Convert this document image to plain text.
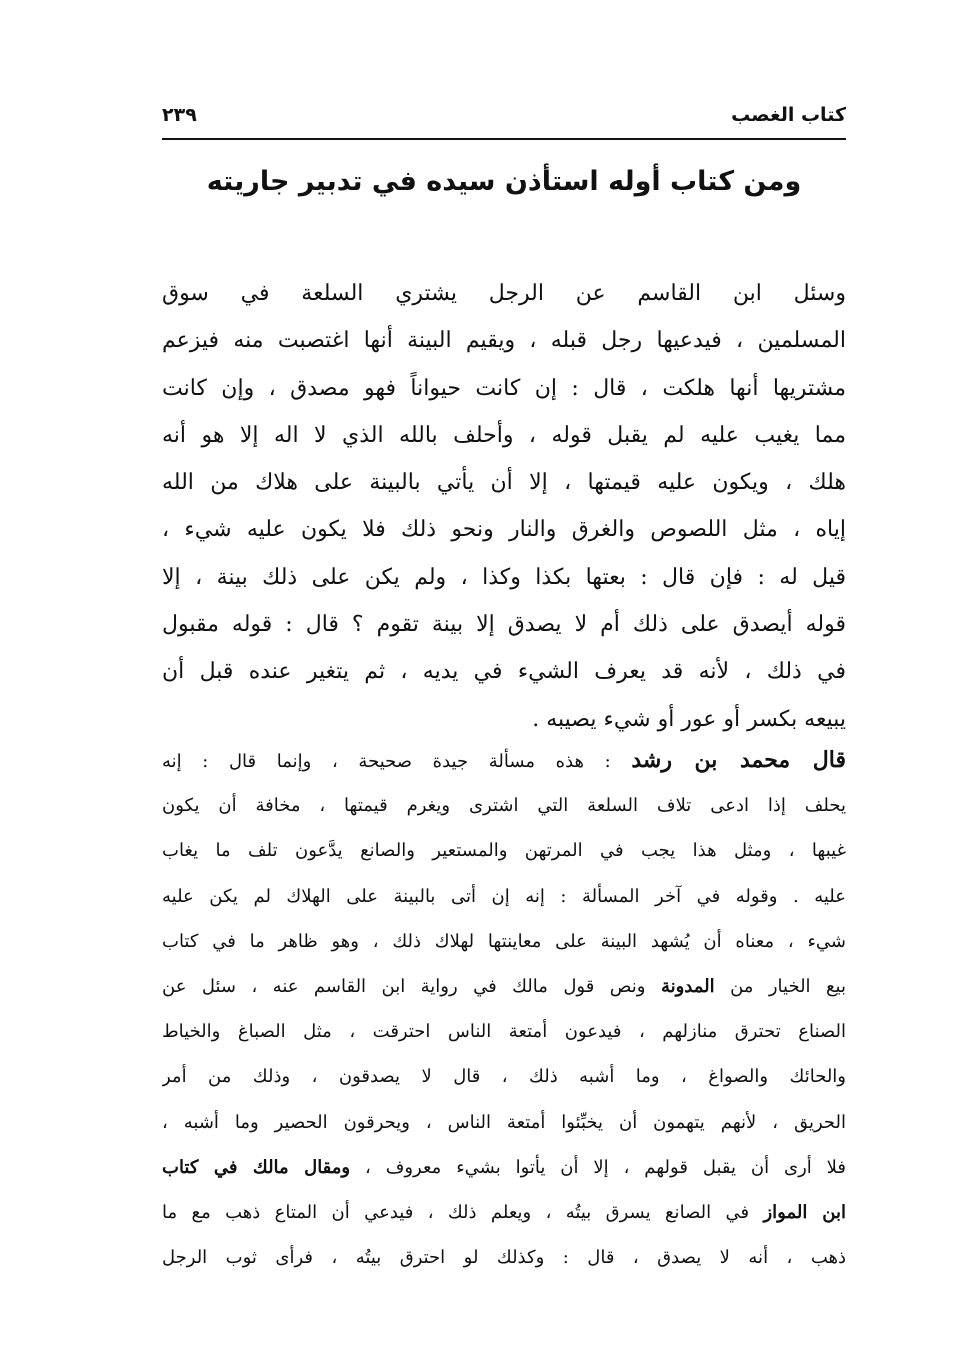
كتاب الغصب
٢٣٩
ومن كتاب أوله استأذن سيده في تدبير جاريته
وسئل ابن القاسم عن الرجل يشتري السلعة في سوق
المسلمين ، فيدعيها رجل قبله ، ويقيم البينة أنها اغتصبت منه فيزعم
مشتريها أنها هلكت ، قال : إن كانت حيواناً فهو مصدق ، وإن كانت
مما يغيب عليه لم يقبل قوله ، وأحلف بالله الذي لا اله إلا هو أنه
هلك ، ويكون عليه قيمتها ، إلا أن يأتي بالبينة على هلاك من الله
إياه ، مثل اللصوص والغرق والنار ونحو ذلك فلا يكون عليه شيء ،
قيل له : فإن قال : بعتها بكذا وكذا ، ولم يكن على ذلك بينة ، إلا
قوله أيصدق على ذلك أم لا يصدق إلا بينة تقوم ؟ قال : قوله مقبول
في ذلك ، لأنه قد يعرف الشيء في يديه ، ثم يتغير عنده قبل أن
يبيعه بكسر أو عور أو شيء يصيبه .
قال محمد بن رشد : هذه مسألة جيدة صحيحة ، وإنما قال : إنه
يحلف إذا ادعى تلاف السلعة التي اشترى ويغرم قيمتها ، مخافة أن يكون
غيبها ، ومثل هذا يجب في المرتهن والمستعير والصانع يدَّعون تلف ما يغاب
عليه . وقوله في آخر المسألة : إنه إن أتى بالبينة على الهلاك لم يكن عليه
شيء ، معناه أن يُشهد البينة على معاينتها لهلاك ذلك ، وهو ظاهر ما في كتاب
بيع الخيار من المدونة ونص قول مالك في رواية ابن القاسم عنه ، سئل عن
الصناع تحترق منازلهم ، فيدعون أمتعة الناس احترقت ، مثل الصباغ والخياط
والحائك والصواغ ، وما أشبه ذلك ، قال لا يصدقون ، وذلك من أمر
الحريق ، لأنهم يتهمون أن يخبِّئوا أمتعة الناس ، ويحرقون الحصير وما أشبه ،
فلا أرى أن يقبل قولهم ، إلا أن يأتوا بشيء معروف ، ومقال مالك في كتاب
ابن المواز في الصانع يسرق بيتُه ، ويعلم ذلك ، فيدعي أن المتاع ذهب مع ما
ذهب ، أنه لا يصدق ، قال : وكذلك لو احترق بيتُه ، فرأى ثوب الرجل
